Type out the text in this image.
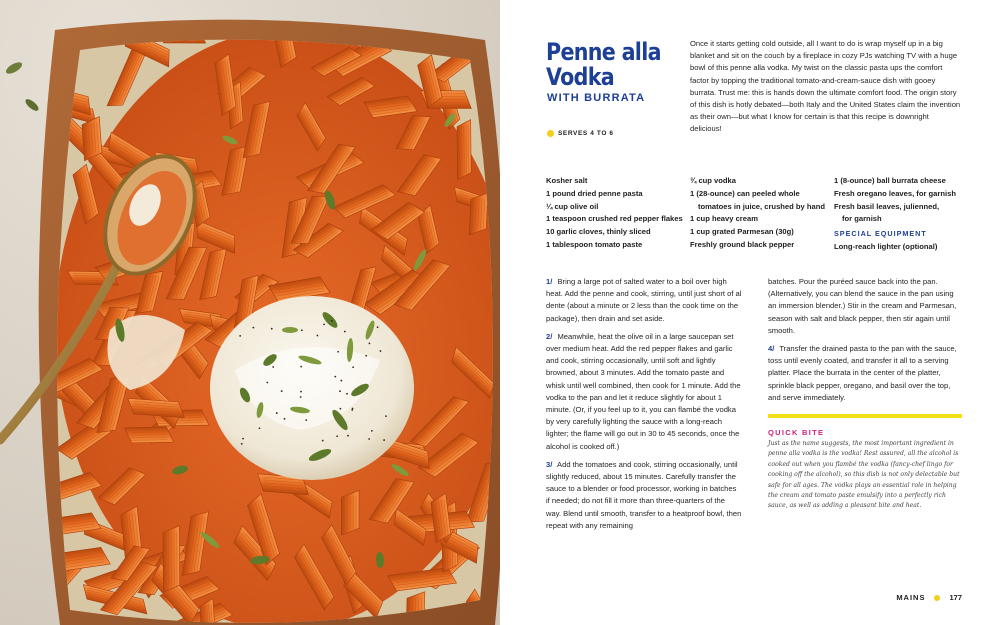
Penne alla
Vodka
WITH BURRATA
SERVES 4 TO 6

Once it starts getting cold outside, all I want to do is wrap myself up in a big blanket and sit on the couch by a fireplace in cozy PJs watching TV with a huge bowl of this penne alla vodka. My twist on the classic pasta ups the comfort factor by topping the traditional tomato-and-cream-sauce dish with gooey burrata. Trust me: this is hands down the ultimate comfort food. The origin story of this dish is hotly debated—both Italy and the United States claim the invention as their own—but what I know for certain is that this recipe is downright delicious!

Kosher salt
1 pound dried penne pasta
¼ cup olive oil
1 teaspoon crushed red pepper flakes
10 garlic cloves, thinly sliced
1 tablespoon tomato paste
¾ cup vodka
1 (28-ounce) can peeled whole
tomatoes in juice, crushed by hand
1 cup heavy cream
1 cup grated Parmesan (30g)
Freshly ground black pepper
1 (8-ounce) ball burrata cheese
Fresh oregano leaves, for garnish
Fresh basil leaves, julienned,
for garnish
SPECIAL EQUIPMENT
Long-reach lighter (optional)

1/ Bring a large pot of salted water to a boil over high heat. Add the penne and cook, stirring, until just short of al dente (about a minute or 2 less than the cook time on the package), then drain and set aside.

2/ Meanwhile, heat the olive oil in a large saucepan set over medium heat. Add the red pepper flakes and garlic and cook, stirring occasionally, until soft and lightly browned, about 3 minutes. Add the tomato paste and whisk until well combined, then cook for 1 minute. Add the vodka to the pan and let it reduce slightly for about 1 minute. (Or, if you feel up to it, you can flambé the vodka by very carefully lighting the sauce with a long-reach lighter; the flame will go out in 30 to 45 seconds, once the alcohol is cooked off.)

3/ Add the tomatoes and cook, stirring occasionally, until slightly reduced, about 15 minutes. Carefully transfer the sauce to a blender or food processor, working in batches if needed; do not fill it more than three-quarters of the way. Blend until smooth, transfer to a heatproof bowl, then repeat with any remaining

batches. Pour the puréed sauce back into the pan. (Alternatively, you can blend the sauce in the pan using an immersion blender.) Stir in the cream and Parmesan, season with salt and black pepper, then stir again until smooth.

4/ Transfer the drained pasta to the pan with the sauce, toss until evenly coated, and transfer it all to a serving platter. Place the burrata in the center of the platter, sprinkle black pepper, oregano, and basil over the top, and serve immediately.

QUICK BITE

Just as the name suggests, the most important ingredient in penne alla vodka is the vodka! Rest assured, all the alcohol is cooked out when you flambé the vodka (fancy-chef lingo for cooking off the alcohol), so this dish is not only delectable but safe for all ages. The vodka plays an essential role in helping the cream and tomato paste emulsify into a perfectly rich sauce, as well as adding a pleasant bite and heat.

MAINS	177
